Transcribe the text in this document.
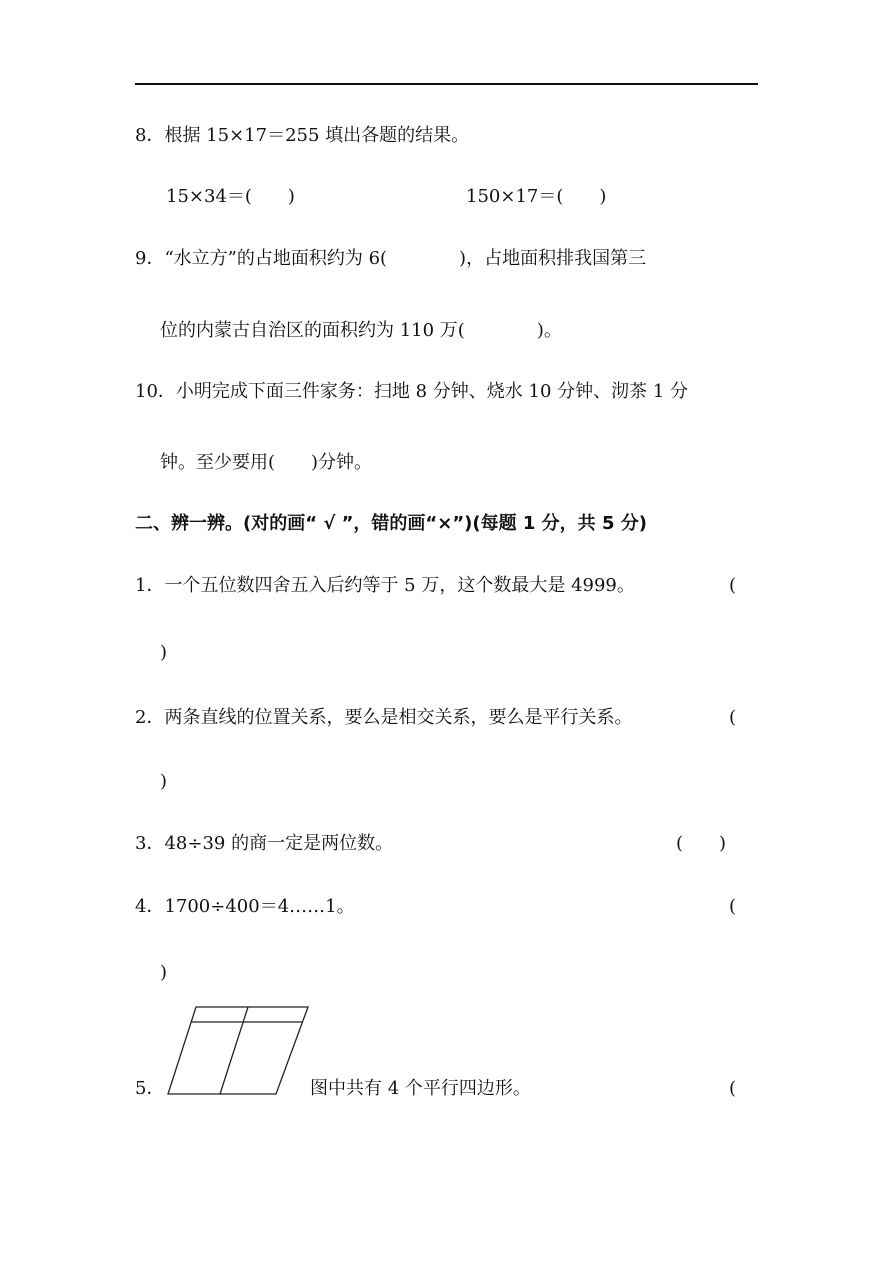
8．根据 15×17＝255 填出各题的结果。
15×34＝(　　)	150×17＝(　　)
9．“水立方”的占地面积约为 6(　　　　)，占地面积排我国第三
位的内蒙古自治区的面积约为 110 万(　　　　)。
10．小明完成下面三件家务：扫地 8 分钟、烧水 10 分钟、沏茶 1 分
钟。至少要用(　　)分钟。
二、辨一辨。(对的画“ √ ”，错的画“×”)(每题 1 分，共 5 分)
1．一个五位数四舍五入后约等于 5 万，这个数最大是 4999。	(
)
2．两条直线的位置关系，要么是相交关系，要么是平行关系。	(
)
3．48÷39 的商一定是两位数。	(　　)
4．1700÷400＝4……1。	(
)
5．	图中共有 4 个平行四边形。	(
